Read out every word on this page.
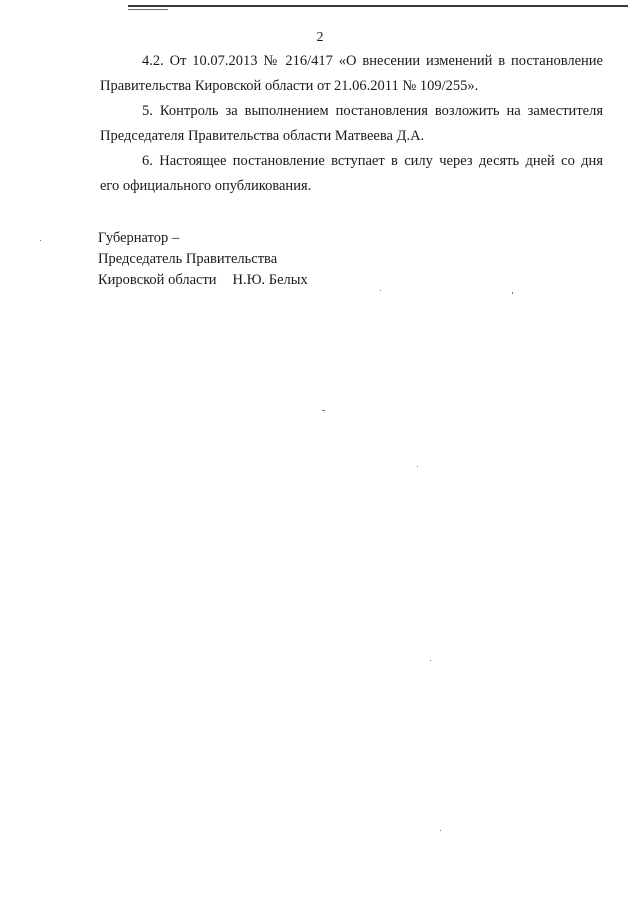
2
4.2. От 10.07.2013 № 216/417 «О внесении изменений в постановление
Правительства Кировской области от 21.06.2011 № 109/255».
5. Контроль за выполнением постановления возложить на заместителя
Председателя Правительства области Матвеева Д.А.
6. Настоящее постановление вступает в силу через десять дней со дня
его официального опубликования.
Губернатор –
Председатель Правительства
Кировской области Н.Ю. Белых
